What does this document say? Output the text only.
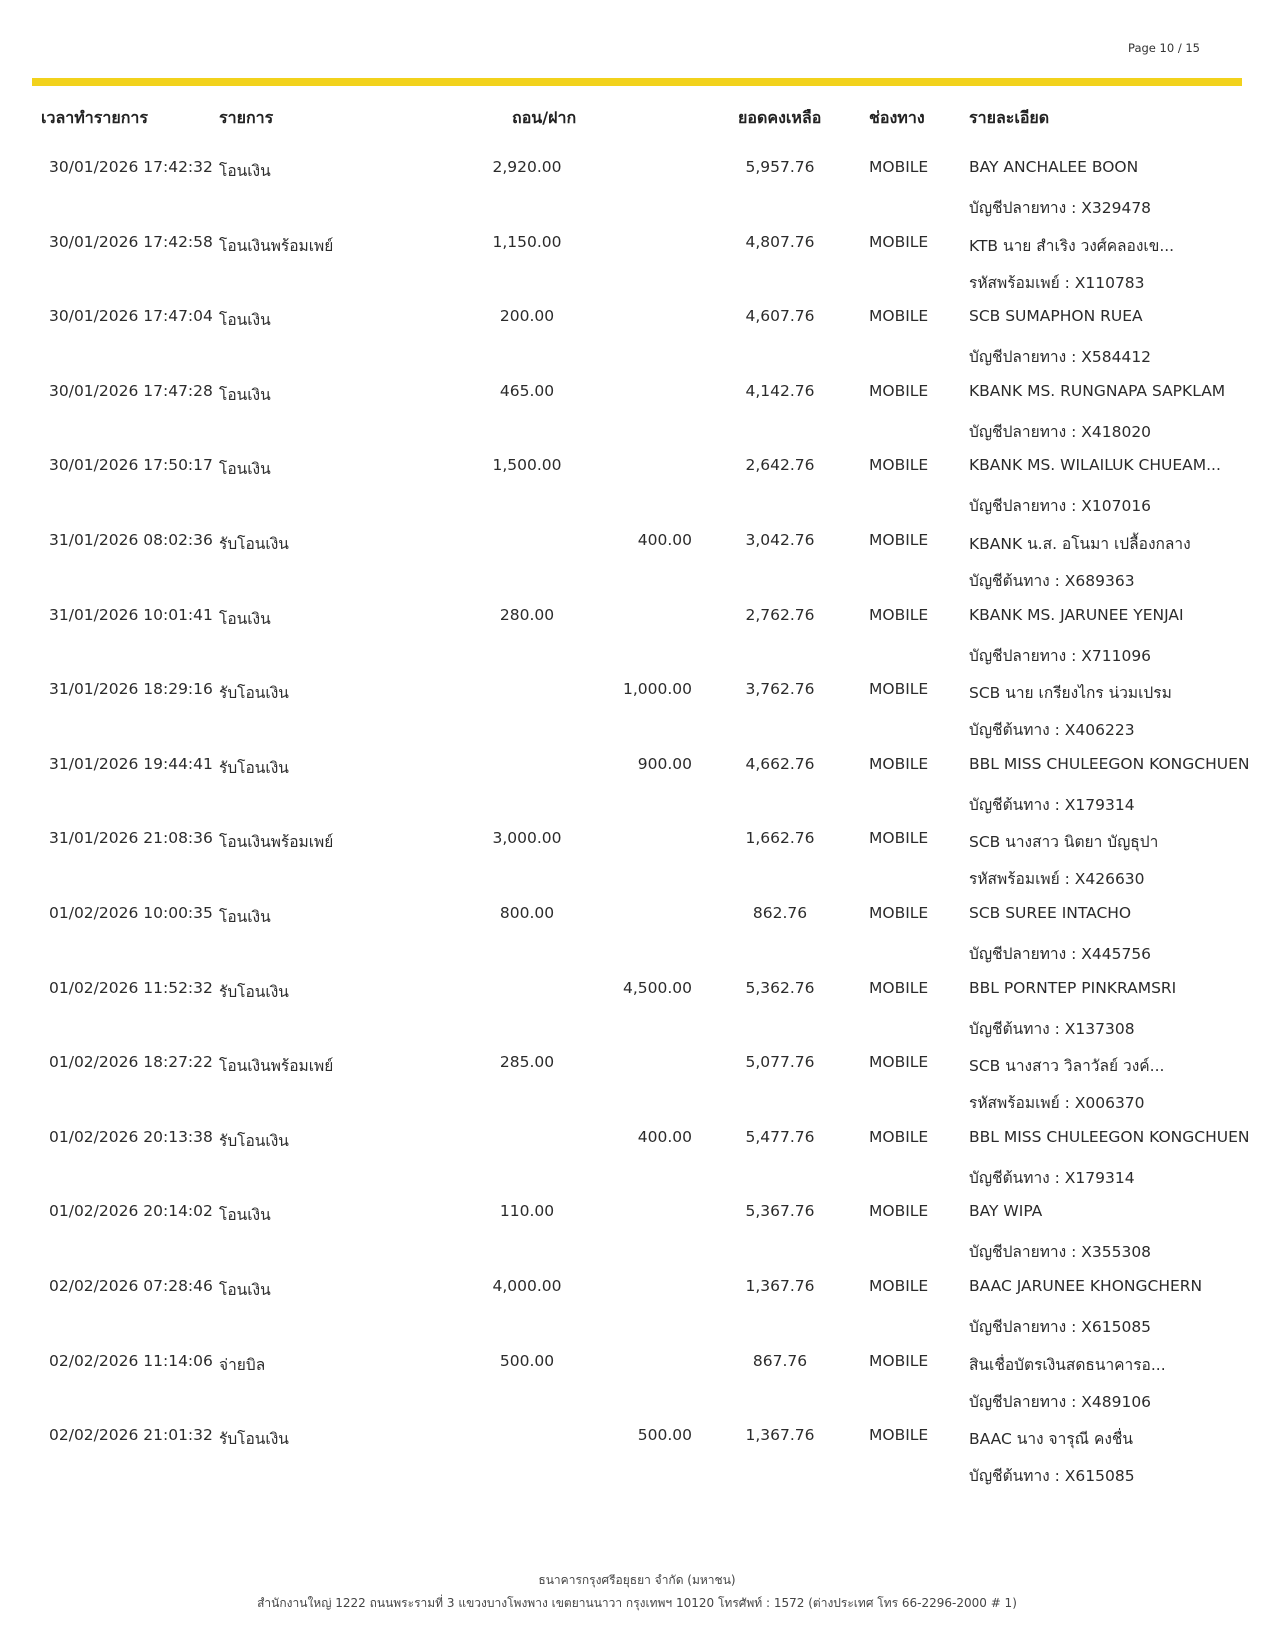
Page 10 / 15
เวลาทำรายการ	รายการ	ถอน/ฝาก	ยอดคงเหลือ	ช่องทาง	รายละเอียด
30/01/2026 17:42:32 โอนเงิน	2,920.00	5,957.76	MOBILE	BAY ANCHALEE BOON
บัญชีปลายทาง : X329478
30/01/2026 17:42:58 โอนเงินพร้อมเพย์	1,150.00	4,807.76	MOBILE	KTB นาย สำเริง วงศ์คลองเข...
รหัสพร้อมเพย์ : X110783
30/01/2026 17:47:04 โอนเงิน	200.00	4,607.76	MOBILE	SCB SUMAPHON RUEA
บัญชีปลายทาง : X584412
30/01/2026 17:47:28 โอนเงิน	465.00	4,142.76	MOBILE	KBANK MS. RUNGNAPA SAPKLAM
บัญชีปลายทาง : X418020
30/01/2026 17:50:17 โอนเงิน	1,500.00	2,642.76	MOBILE	KBANK MS. WILAILUK CHUEAM...
บัญชีปลายทาง : X107016
31/01/2026 08:02:36 รับโอนเงิน	400.00	3,042.76	MOBILE	KBANK น.ส. อโนมา เปลื้องกลาง
บัญชีต้นทาง : X689363
31/01/2026 10:01:41 โอนเงิน	280.00	2,762.76	MOBILE	KBANK MS. JARUNEE YENJAI
บัญชีปลายทาง : X711096
31/01/2026 18:29:16 รับโอนเงิน	1,000.00	3,762.76	MOBILE	SCB นาย เกรียงไกร น่วมเปรม
บัญชีต้นทาง : X406223
31/01/2026 19:44:41 รับโอนเงิน	900.00	4,662.76	MOBILE	BBL MISS CHULEEGON KONGCHUEN
บัญชีต้นทาง : X179314
31/01/2026 21:08:36 โอนเงินพร้อมเพย์	3,000.00	1,662.76	MOBILE	SCB นางสาว นิตยา บัญธุปา
รหัสพร้อมเพย์ : X426630
01/02/2026 10:00:35 โอนเงิน	800.00	862.76	MOBILE	SCB SUREE INTACHO
บัญชีปลายทาง : X445756
01/02/2026 11:52:32 รับโอนเงิน	4,500.00	5,362.76	MOBILE	BBL PORNTEP PINKRAMSRI
บัญชีต้นทาง : X137308
01/02/2026 18:27:22 โอนเงินพร้อมเพย์	285.00	5,077.76	MOBILE	SCB นางสาว วิลาวัลย์ วงค์...
รหัสพร้อมเพย์ : X006370
01/02/2026 20:13:38 รับโอนเงิน	400.00	5,477.76	MOBILE	BBL MISS CHULEEGON KONGCHUEN
บัญชีต้นทาง : X179314
01/02/2026 20:14:02 โอนเงิน	110.00	5,367.76	MOBILE	BAY WIPA
บัญชีปลายทาง : X355308
02/02/2026 07:28:46 โอนเงิน	4,000.00	1,367.76	MOBILE	BAAC JARUNEE KHONGCHERN
บัญชีปลายทาง : X615085
02/02/2026 11:14:06 จ่ายบิล	500.00	867.76	MOBILE	สินเชื่อบัตรเงินสดธนาคารอ...
บัญชีปลายทาง : X489106
02/02/2026 21:01:32 รับโอนเงิน	500.00	1,367.76	MOBILE	BAAC นาง จารุณี คงชื่น
บัญชีต้นทาง : X615085
ธนาคารกรุงศรีอยุธยา จำกัด (มหาชน)
สำนักงานใหญ่ 1222 ถนนพระรามที่ 3 แขวงบางโพงพาง เขตยานนาวา กรุงเทพฯ 10120 โทรศัพท์ : 1572 (ต่างประเทศ โทร 66-2296-2000 # 1)
